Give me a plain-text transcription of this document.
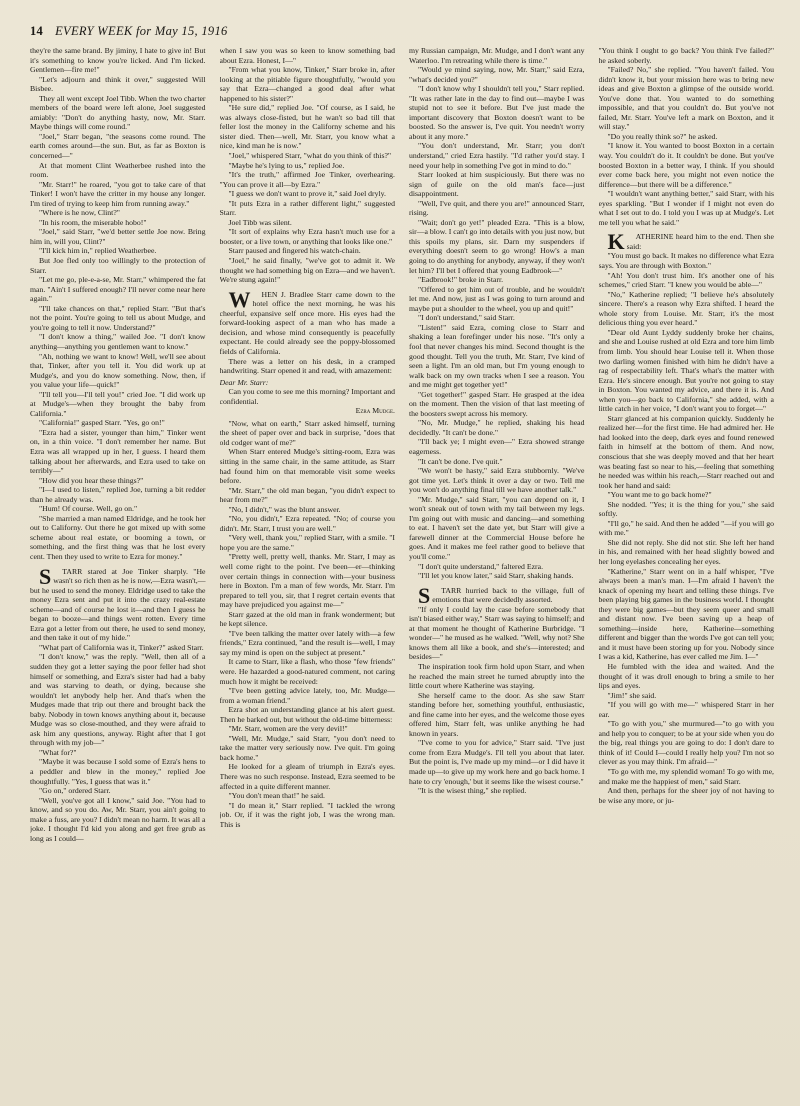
14 EVERY WEEK for May 15, 1916

they're the same brand. By jiminy, I hate to give in! But it's something to know you're licked. And I'm licked. Gentlemen—fire me!"

"Let's adjourn and think it over," suggested Will Bisbee.

They all went except Joel Tibb. When the two charter members of the board were left alone, Joel suggested amiably: "Don't do anything hasty, now, Mr. Starr. Maybe things will come round."

"Joel," Starr began, "the seasons come round. The earth comes around—the sun. But, as far as Boxton is concerned—"

At that moment Clint Weatherbee rushed into the room.

"Mr. Starr!" he roared, "you got to take care of that Tinker! I won't have the critter in my house any longer. I'm tired of trying to keep him from running away."

"Where is he now, Clint?"

"In his room, the miserable hobo!"

"Joel," said Starr, "we'd better settle Joe now. Bring him in, will you, Clint?"

"I'll kick him in," replied Weatherbee.

But Joe fled only too willingly to the protection of Starr.

"Let me go, ple-e-a-se, Mr. Starr," whimpered the fat man. "Ain't I suffered enough? I'll never come near here again."

"I'll take chances on that," replied Starr. "But that's not the point. You're going to tell us about Mudge, and you're going to tell it now. Understand?"

"I don't know a thing," wailed Joe. "I don't know anything—anything you gentlemen want to know."

"Ah, nothing we want to know! Well, we'll see about that, Tinker, after you tell it. You did work up at Mudge's, and you do know something. Now, then, if you value your life—quick!"

"I'll tell you—I'll tell you!" cried Joe. "I did work up at Mudge's—when they brought the baby from California."

"California!" gasped Starr. "Yes, go on!"

"Ezra had a sister, younger than him," Tinker went on, in a thin voice. "I don't remember her name. But Ezra was all wrapped up in her, I guess. I heard them talking about her afterwards, and Ezra used to take on terribly—"

"How did you hear these things?"

"I—I used to listen," replied Joe, turning a bit redder than he already was.

"Hum! Of course. Well, go on."

"She married a man named Eldridge, and he took her out to Californy. Out there he got mixed up with some scheme about real estate, or booming a town, or something, and the first thing was that he lost every cent. Then they used to write to Ezra for money."

STARR stared at Joe Tinker sharply. "He wasn't so rich then as he is now,—Ezra wasn't,—but he used to send the money. Eldridge used to take the money Ezra sent and put it into the crazy real-estate scheme—and of course he lost it—and then I guess he began to booze—and things went rotten. Every time Ezra got a letter from out there, he used to send money, and then take it out of my hide."

"What part of California was it, Tinker?" asked Starr.

"I don't know," was the reply. "Well, then all of a sudden they got a letter saying the poor feller had shot himself or something, and Ezra's sister had had a baby and was starving to death, or dying, because she wouldn't let anybody help her. And that's when the Mudges made that trip out there and brought back the baby. Nobody in town knows anything about it, because Mudge was so close-mouthed, and they were afraid to ask him any questions, anyway. Right after that I got through with my job—"

"What for?"

"Maybe it was because I sold some of Ezra's hens to a peddler and blew in the money," replied Joe thoughtfully. "Yes, I guess that was it."

"Go on," ordered Starr.

"Well, you've got all I know," said Joe. "You had to know, and so you do. Aw, Mr. Starr, you ain't going to make a fuss, are you? I didn't mean no harm. It was all a joke. I thought I'd kid you along and get free grub as long as I could—

when I saw you was so keen to know something bad about Ezra. Honest, I—"

"From what you know, Tinker," Starr broke in, after looking at the pitiable figure thoughtfully, "would you say that Ezra—changed a good deal after what happened to his sister?"

"He sure did," replied Joe. "Of course, as I said, he was always close-fisted, but he wan't so bad till that feller lost the money in the Californy scheme and his sister died. Then—well, Mr. Starr, you know what a nice, kind man he is now."

"Joel," whispered Starr, "what do you think of this?"

"Maybe he's lying to us," replied Joe.

"It's the truth," affirmed Joe Tinker, overhearing. "You can prove it all—by Ezra."

"I guess we don't want to prove it," said Joel dryly.

"It puts Ezra in a rather different light," suggested Starr.

Joel Tibb was silent.

"It sort of explains why Ezra hasn't much use for a booster, or a live town, or anything that looks like one."

Starr paused and fingered his watch-chain.

"Joel," he said finally, "we've got to admit it. We thought we had something big on Ezra—and we haven't. We're stung again!"

WHEN J. Bradlee Starr came down to the hotel office the next morning, he was his cheerful, expansive self once more. His eyes had the forward-looking aspect of a man who has made a decision, and whose mind consequently is peacefully expectant. He could already see the poppy-blossomed fields of California.

There was a letter on his desk, in a cramped handwriting. Starr opened it and read, with amazement:

Dear Mr. Starr:

Can you come to see me this morning? Important and confidential.

Ezra Mudge.

"Now, what on earth," Starr asked himself, turning the sheet of paper over and back in surprise, "does that old codger want of me?"

When Starr entered Mudge's sitting-room, Ezra was sitting in the same chair, in the same attitude, as Starr had found him on that memorable visit some weeks before.

"Mr. Starr," the old man began, "you didn't expect to hear from me?"

"No, I didn't," was the blunt answer.

"No, you didn't," Ezra repeated. "No; of course you didn't. Mr. Starr, I trust you are well."

"Very well, thank you," replied Starr, with a smile. "I hope you are the same."

"Pretty well, pretty well, thanks. Mr. Starr, I may as well come right to the point. I've been—er—thinking over certain things in connection with—your business here in Boxton. I'm a man of few words, Mr. Starr. I'm prepared to tell you, sir, that I regret certain events that may have prejudiced you against me—"

Starr gazed at the old man in frank wonderment; but he kept silence.

"I've been talking the matter over lately with—a few friends," Ezra continued, "and the result is—well, I may say my mind is open on the subject at present."

It came to Starr, like a flash, who those "few friends" were. He hazarded a good-natured comment, not caring much how it might be received:

"I've been getting advice lately, too, Mr. Mudge—from a woman friend."

Ezra shot an understanding glance at his alert guest. Then he barked out, but without the old-time bitterness:

"Mr. Starr, women are the very devil!"

"Well, Mr. Mudge," said Starr, "you don't need to take the matter very seriously now. I've quit. I'm going back home."

He looked for a gleam of triumph in Ezra's eyes. There was no such response. Instead, Ezra seemed to be affected in a quite different manner.

"You don't mean that!" he said.

"I do mean it," Starr replied. "I tackled the wrong job. Or, if it was the right job, I was the wrong man. This is

my Russian campaign, Mr. Mudge, and I don't want any Waterloo. I'm retreating while there is time."

"Would ye mind saying, now, Mr. Starr," said Ezra, "what's decided you?"

"I don't know why I shouldn't tell you," Starr replied. "It was rather late in the day to find out—maybe I was stupid not to see it before. But I've just made the important discovery that Boxton doesn't want to be boosted. So the answer is, I've quit. You needn't worry about it any more."

"You don't understand, Mr. Starr; you don't understand," cried Ezra hastily. "I'd rather you'd stay. I need your help in something I've got in mind to do."

Starr looked at him suspiciously. But there was no sign of guile on the old man's face—just disappointment.

"Well, I've quit, and there you are!" announced Starr, rising.

"Wait; don't go yet!" pleaded Ezra. "This is a blow, sir—a blow. I can't go into details with you just now, but this spoils my plans, sir. Darn my suspenders if everything doesn't seem to go wrong! How's a man going to do anything for anybody, anyway, if they won't let him? I'll bet I offered that young Eadbrook—"

"Eadbrook!" broke in Starr.

"Offered to get him out of trouble, and he wouldn't let me. And now, just as I was going to turn around and maybe put a shoulder to the wheel, you up and quit!"

"I don't understand," said Starr.

"Listen!" said Ezra, coming close to Starr and shaking a lean forefinger under his nose. "It's only a fool that never changes his mind. Second thought is the good thought. Tell you the truth, Mr. Starr, I've kind of seen a light. I'm an old man, but I'm young enough to walk back on my own tracks when I see a reason. You and me might get together yet!"

"Get together!" gasped Starr. He grasped at the idea on the moment. Then the vision of that last meeting of the boosters swept across his memory.

"No, Mr. Mudge," he replied, shaking his head decidedly. "It can't be done."

"I'll back ye; I might even—" Ezra showed strange eagerness.

"It can't be done. I've quit."

"We won't be hasty," said Ezra stubbornly. "We've got time yet. Let's think it over a day or two. Tell me you won't do anything final till we have another talk."

"Mr. Mudge," said Starr, "you can depend on it, I won't sneak out of town with my tail between my legs. I'm going out with music and dancing—and something to eat. I haven't set the date yet, but Starr will give a farewell dinner at the Commercial House before he goes. And it makes me feel rather good to believe that you'll come."

"I don't quite understand," faltered Ezra.

"I'll let you know later," said Starr, shaking hands.

STARR hurried back to the village, full of emotions that were decidedly assorted.

"If only I could lay the case before somebody that isn't biased either way," Starr was saying to himself; and at that moment he thought of Katherine Burbridge. "I wonder—" he mused as he walked. "Well, why not? She knows them all like a book, and she's—interested; and besides—"

The inspiration took firm hold upon Starr, and when he reached the main street he turned abruptly into the little court where Katherine was staying.

She herself came to the door. As she saw Starr standing before her, something youthful, enthusiastic, and fine came into her eyes, and the welcome those eyes offered him, Starr felt, was unlike anything he had known in years.

"I've come to you for advice," Starr said. "I've just come from Ezra Mudge's. I'll tell you about that later. But the point is, I've made up my mind—or I did have it made up—to give up my work here and go back home. I hate to cry 'enough,' but it seems like the wisest course."

"It is the wisest thing," she replied.

"You think I ought to go back? You think I've failed?" he asked soberly.

"Failed? No," she replied. "You haven't failed. You didn't know it, but your mission here was to bring new ideas and give Boxton a glimpse of the outside world. You've done that. You wanted to do something impossible, and that you couldn't do. But you've not failed, Mr. Starr. You've left a mark on Boxton, and it will stay."

"Do you really think so?" he asked.

"I know it. You wanted to boost Boxton in a certain way. You couldn't do it. It couldn't be done. But you've boosted Boxton in a better way, I think. If you should ever come back here, you might not even notice the difference—but there will be a difference."

"I wouldn't want anything better," said Starr, with his eyes sparkling. "But I wonder if I might not even do what I set out to do. I told you I was up at Mudge's. Let me tell you what he said."

KATHERINE heard him to the end. Then she said:

"You must go back. It makes no difference what Ezra says. You are through with Boxton."

"Ah! You don't trust him. It's another one of his schemes," cried Starr. "I knew you would be able—"

"No," Katherine replied; "I believe he's absolutely sincere. There's a reason why Ezra shifted. I heard the whole story from Louise. Mr. Starr, it's the most delicious thing you ever heard."

"Dear old Aunt Lyddy suddenly broke her chains, and she and Louise rushed at old Ezra and tore him limb from limb. You should hear Louise tell it. When those two darling women finished with him he didn't have a rag of respectability left. That's what's the matter with Ezra. He's sincere enough. But you're not going to stay in Boxton. You wanted my advice, and there it is. And when you—go back to California," she added, with a little catch in her voice, "I don't want you to forget—"

Starr glanced at his companion quickly. Suddenly he realized her—for the first time. He had admired her. He had looked into the deep, dark eyes and found renewed faith in himself at the bottom of them. And now, conscious that she was deeply moved and that her heart was beating fast so near to his,—feeling that something he needed was within his reach,—Starr reached out and took her hand and said:

"You want me to go back home?"

She nodded. "Yes; it is the thing for you," she said softly.

"I'll go," he said. And then he added "—if you will go with me."

She did not reply. She did not stir. She left her hand in his, and remained with her head slightly bowed and her long eyelashes concealing her eyes.

"Katherine," Starr went on in a half whisper, "I've always been a man's man. I—I'm afraid I haven't the knack of opening my heart and telling these things. I've been playing big games in the business world. I thought they were big games—but they seem queer and small and distant now. I've been saving up a heap of something—inside here, Katherine—something different and bigger than the words I've got can tell you; and it must have been storing up for you. Nobody since I was a kid, Katherine, has ever called me Jim. I—"

He fumbled with the idea and waited. And the thought of it was droll enough to bring a smile to her lips and eyes.

"Jim!" she said.

"If you will go with me—" whispered Starr in her ear.

"To go with you," she murmured—"to go with you and help you to conquer; to be at your side when you do the big, real things you are going to do: I don't dare to think of it! Could I—could I really help you? I'm not so clever as you may think. I'm afraid—"

"To go with me, my splendid woman! To go with me, and make me the happiest of men," said Starr.

And then, perhaps for the sheer joy of not having to be wise any more, or ju-
